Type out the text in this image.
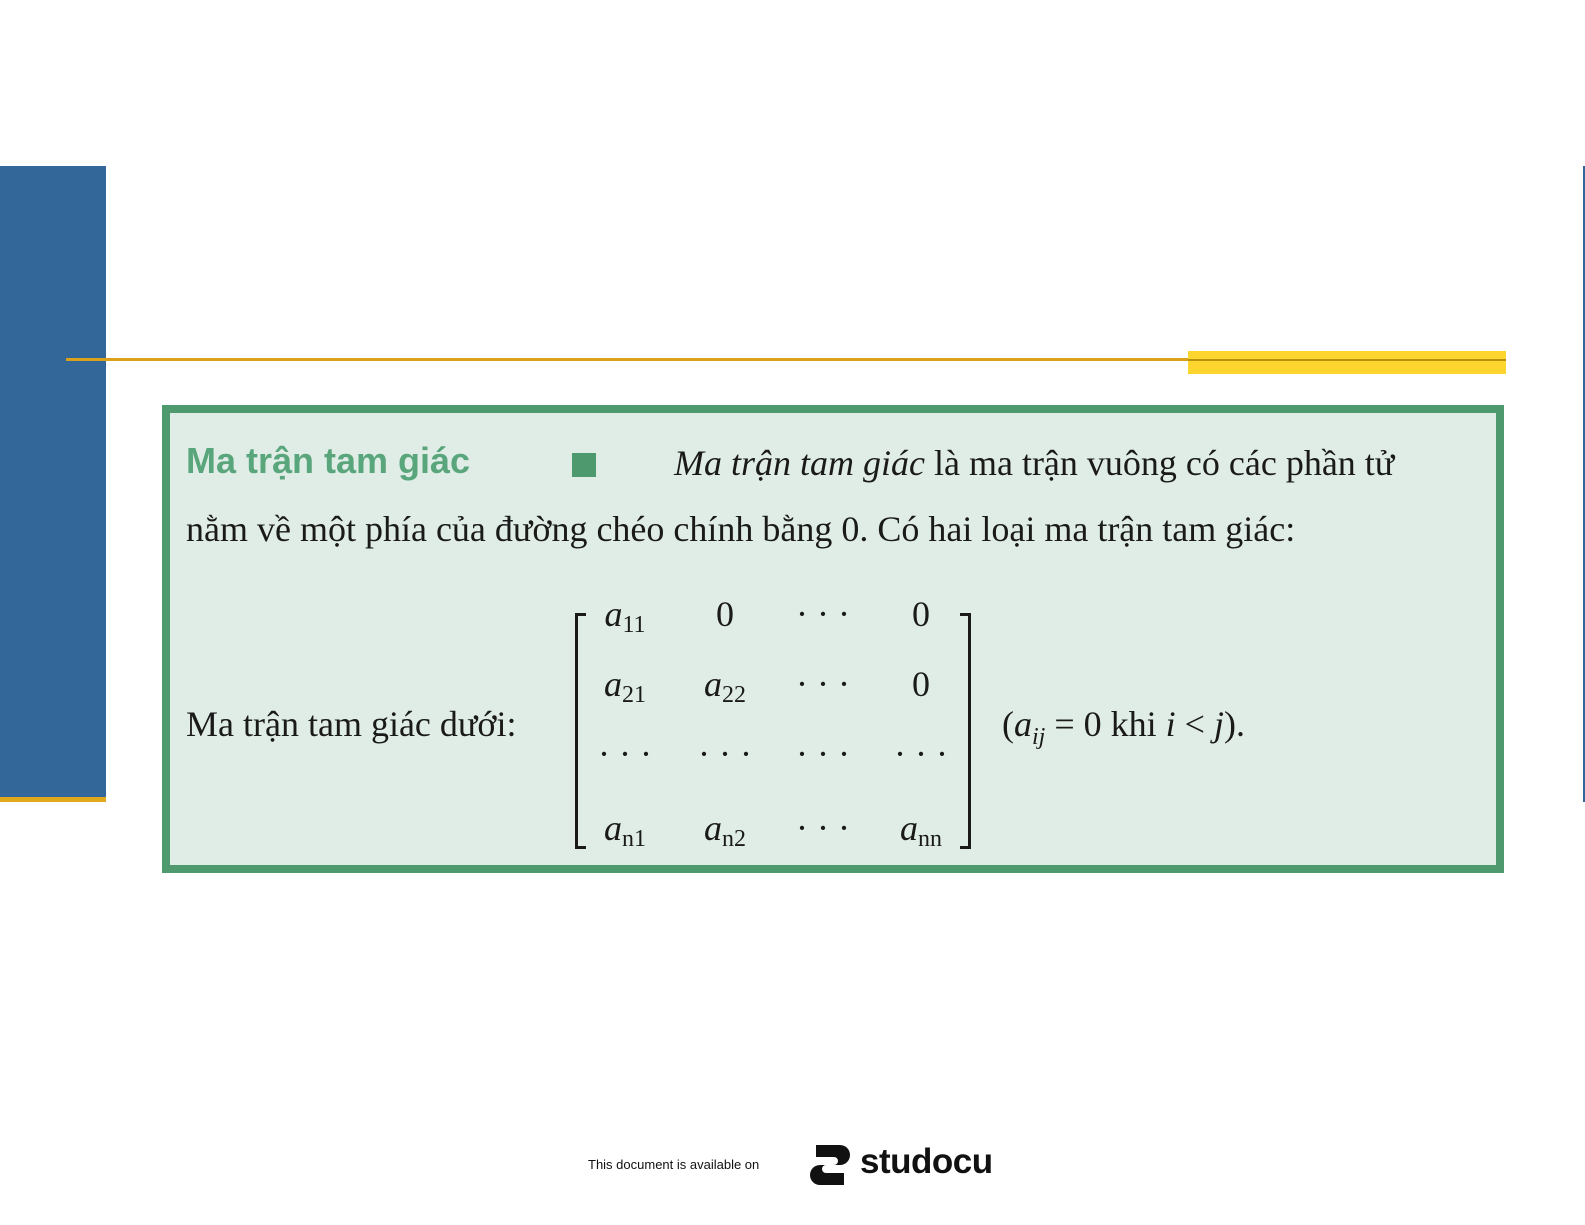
Ma trận tam giác	Ma trận tam giác là ma trận vuông có các phần tử
nằm về một phía của đường chéo chính bằng 0. Có hai loại ma trận tam giác:
Ma trận tam giác dưới:
$a_{11}$	0	· · ·	0
$a_{21}$	$a_{22}$	· · ·	0
· · ·	· · ·	· · ·	· · ·
$a_{n1}$	$a_{n2}$	· · ·	$a_{nn}$
($a_{ij} = 0$ khi i < j).
This document is available on	studocu
